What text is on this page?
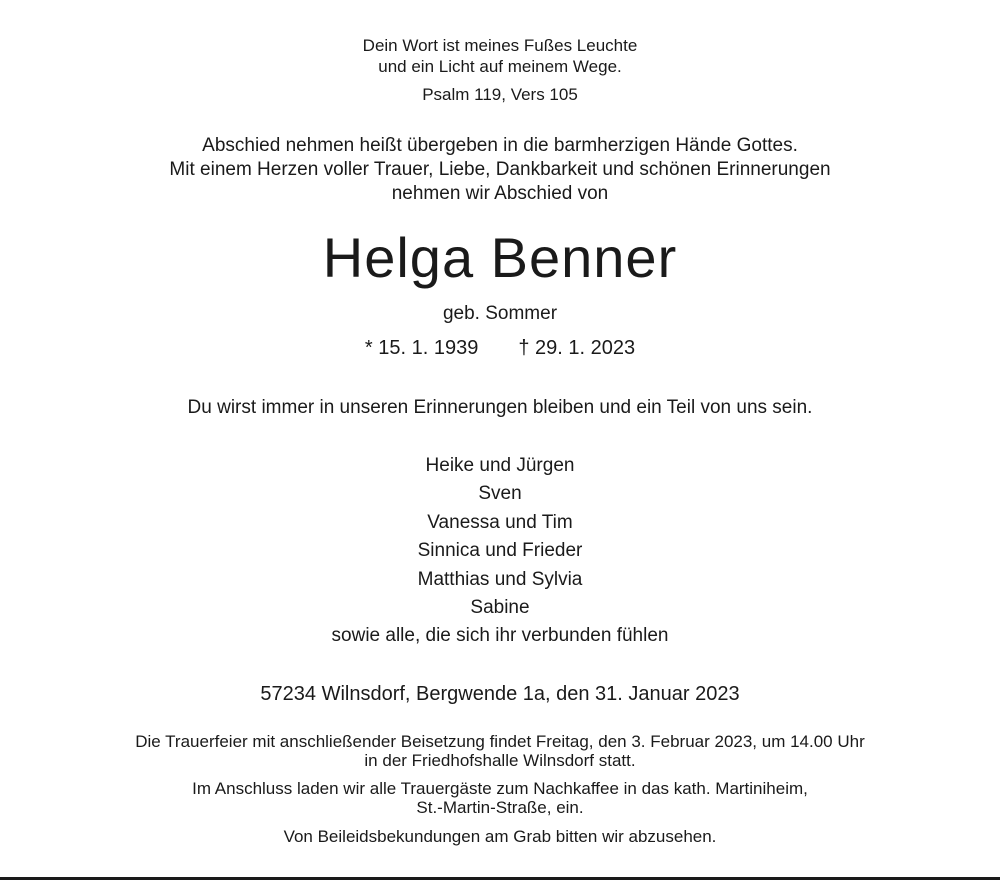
Dein Wort ist meines Fußes Leuchte
und ein Licht auf meinem Wege.
Psalm 119, Vers 105
Abschied nehmen heißt übergeben in die barmherzigen Hände Gottes.
Mit einem Herzen voller Trauer, Liebe, Dankbarkeit und schönen Erinnerungen
nehmen wir Abschied von
Helga Benner
geb. Sommer
* 15. 1. 1939 † 29. 1. 2023
Du wirst immer in unseren Erinnerungen bleiben und ein Teil von uns sein.
Heike und Jürgen
Sven
Vanessa und Tim
Sinnica und Frieder
Matthias und Sylvia
Sabine
sowie alle, die sich ihr verbunden fühlen
57234 Wilnsdorf, Bergwende 1a, den 31. Januar 2023
Die Trauerfeier mit anschließender Beisetzung findet Freitag, den 3. Februar 2023, um 14.00 Uhr
in der Friedhofshalle Wilnsdorf statt.
Im Anschluss laden wir alle Trauergäste zum Nachkaffee in das kath. Martiniheim,
St.-Martin-Straße, ein.
Von Beileidsbekundungen am Grab bitten wir abzusehen.
